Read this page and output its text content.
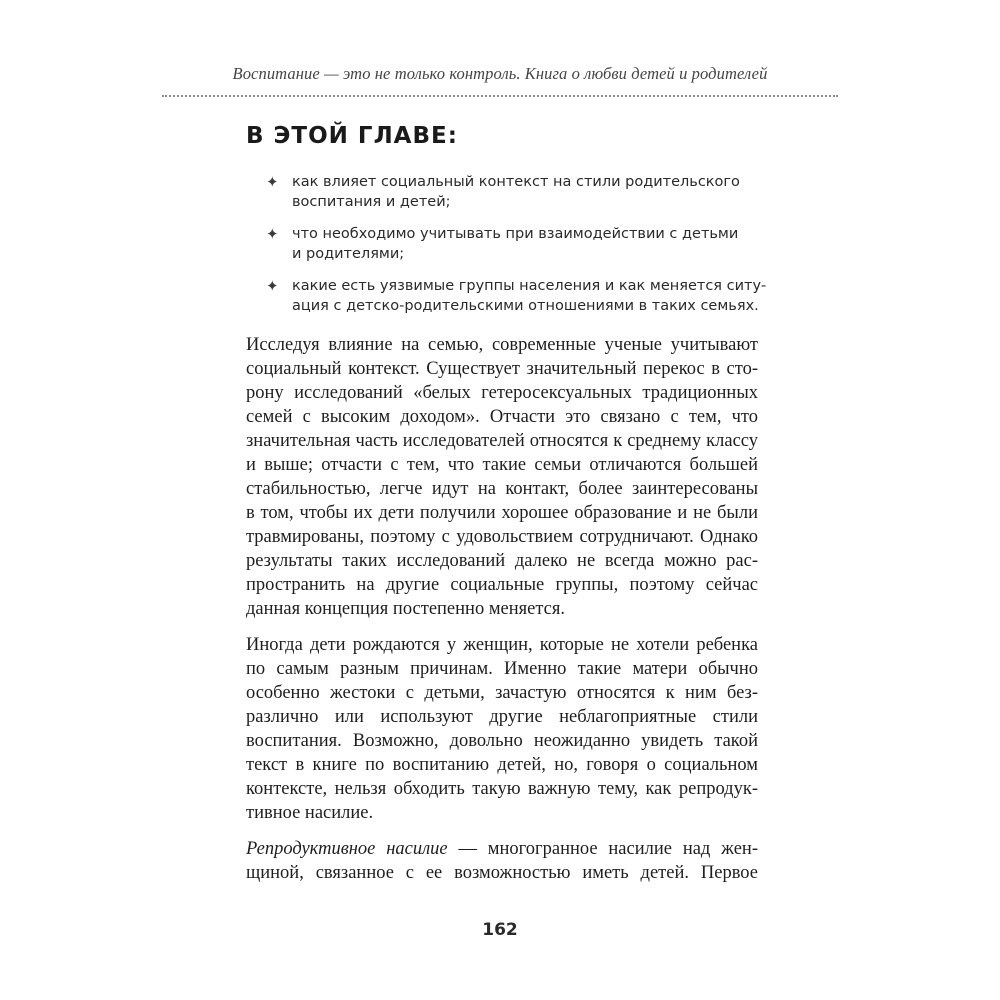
Воспитание — это не только контроль. Книга о любви детей и родителей
В ЭТОЙ ГЛАВЕ:
✦ как влияет социальный контекст на стили родительского
воспитания и детей;
✦ что необходимо учитывать при взаимодействии с детьми
и родителями;
✦ какие есть уязвимые группы населения и как меняется ситу-
ация с детско-родительскими отношениями в таких семьях.

Исследуя влияние на семью, современные ученые учитывают
социальный контекст. Существует значительный перекос в сто-
рону исследований «белых гетеросексуальных традиционных
семей с высоким доходом». Отчасти это связано с тем, что
значительная часть исследователей относятся к среднему классу
и выше; отчасти с тем, что такие семьи отличаются большей
стабильностью, легче идут на контакт, более заинтересованы
в том, чтобы их дети получили хорошее образование и не были
травмированы, поэтому с удовольствием сотрудничают. Однако
результаты таких исследований далеко не всегда можно рас-
пространить на другие социальные группы, поэтому сейчас
данная концепция постепенно меняется.

Иногда дети рождаются у женщин, которые не хотели ребенка
по самым разным причинам. Именно такие матери обычно
особенно жестоки с детьми, зачастую относятся к ним без-
различно или используют другие неблагоприятные стили
воспитания. Возможно, довольно неожиданно увидеть такой
текст в книге по воспитанию детей, но, говоря о социальном
контексте, нельзя обходить такую важную тему, как репродук-
тивное насилие.

Репродуктивное насилие — многогранное насилие над жен-
щиной, связанное с ее возможностью иметь детей. Первое

162
